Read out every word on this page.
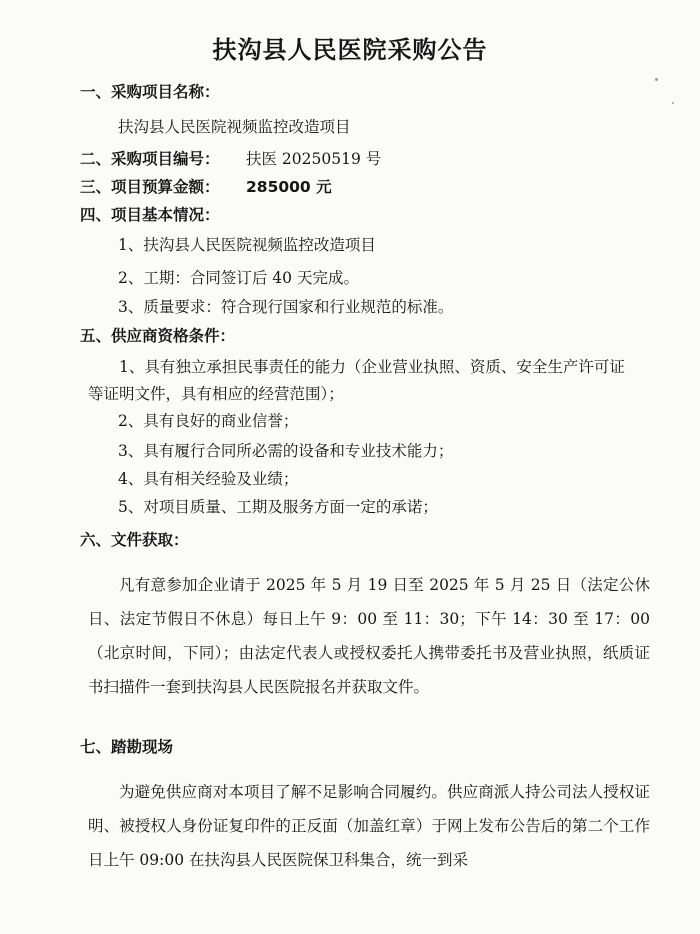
扶沟县人民医院采购公告
一、采购项目名称：
扶沟县人民医院视频监控改造项目
二、采购项目编号： 扶医 20250519 号
三、项目预算金额： 285000 元
四、项目基本情况：
1、扶沟县人民医院视频监控改造项目
2、工期：合同签订后 40 天完成。
3、质量要求：符合现行国家和行业规范的标准。
五、供应商资格条件：
1、具有独立承担民事责任的能力（企业营业执照、资质、安全生产许可证等证明文件，具有相应的经营范围）；
2、具有良好的商业信誉；
3、具有履行合同所必需的设备和专业技术能力；
4、具有相关经验及业绩；
5、对项目质量、工期及服务方面一定的承诺；
六、文件获取：
凡有意参加企业请于 2025 年 5 月 19 日至 2025 年 5 月 25 日（法定公休日、法定节假日不休息）每日上午 9：00 至 11：30；下午 14：30 至 17：00（北京时间，下同）；由法定代表人或授权委托人携带委托书及营业执照，纸质证书扫描件一套到扶沟县人民医院报名并获取文件。
七、踏勘现场
为避免供应商对本项目了解不足影响合同履约。供应商派人持公司法人授权证明、被授权人身份证复印件的正反面（加盖红章）于网上发布公告后的第二个工作日上午 09:00 在扶沟县人民医院保卫科集合，统一到采
